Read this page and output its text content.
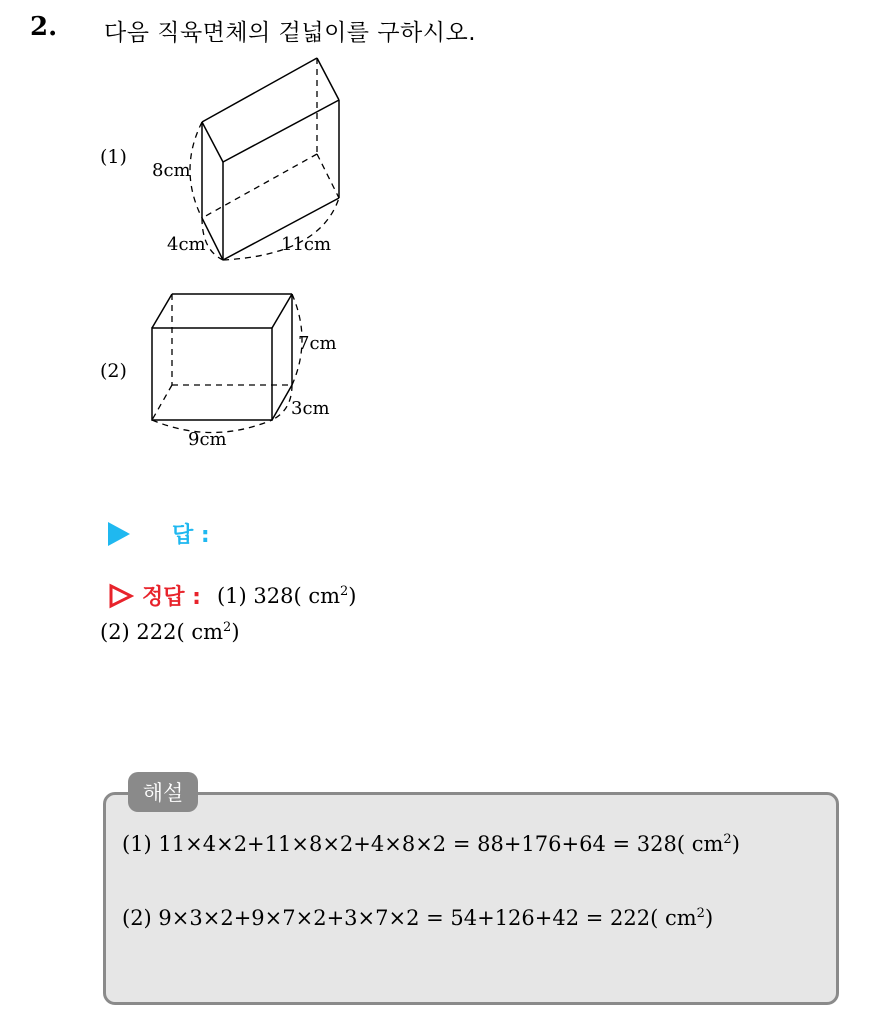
2. 다음 직육면체의 겉넓이를 구하시오.
(1)
8cm
4cm	11cm
(2)
7cm
3cm
9cm
답 :
정답 : (1) 328( $cm^2$)
(2) 222( $cm^2$)
해설
(1) 11×4×2+11×8×2+4×8×2 = 88+176+64 = 328( $cm^2$)
(2) 9×3×2+9×7×2+3×7×2 = 54+126+42 = 222( $cm^2$)
